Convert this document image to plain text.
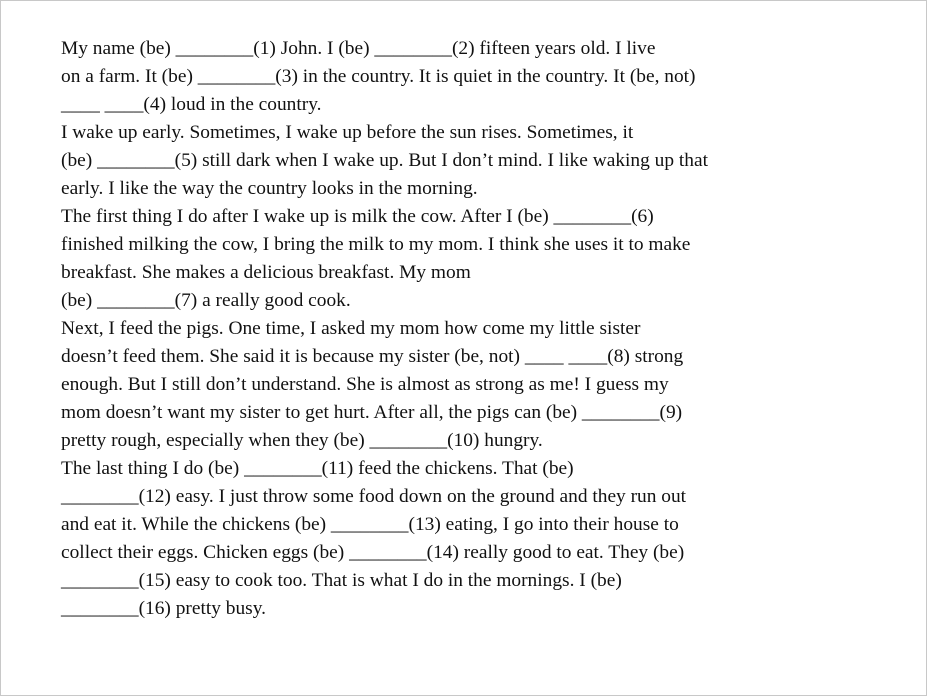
My name (be) ________(1) John. I (be) ________(2) fifteen years old. I live
on a farm. It (be) ________(3) in the country. It is quiet in the country. It (be, not)
____ ____(4) loud in the country.
I wake up early. Sometimes, I wake up before the sun rises. Sometimes, it
(be) ________(5) still dark when I wake up. But I don’t mind. I like waking up that
early. I like the way the country looks in the morning.
The first thing I do after I wake up is milk the cow. After I (be) ________(6)
finished milking the cow, I bring the milk to my mom. I think she uses it to make
breakfast. She makes a delicious breakfast. My mom
(be) ________(7) a really good cook.
Next, I feed the pigs. One time, I asked my mom how come my little sister
doesn’t feed them. She said it is because my sister (be, not) ____ ____(8) strong
enough. But I still don’t understand. She is almost as strong as me! I guess my
mom doesn’t want my sister to get hurt. After all, the pigs can (be) ________(9)
pretty rough, especially when they (be) ________(10) hungry.
The last thing I do (be) ________(11) feed the chickens. That (be)
________(12) easy. I just throw some food down on the ground and they run out
and eat it. While the chickens (be) ________(13) eating, I go into their house to
collect their eggs. Chicken eggs (be) ________(14) really good to eat. They (be)
________(15) easy to cook too. That is what I do in the mornings. I (be)
________(16) pretty busy.
